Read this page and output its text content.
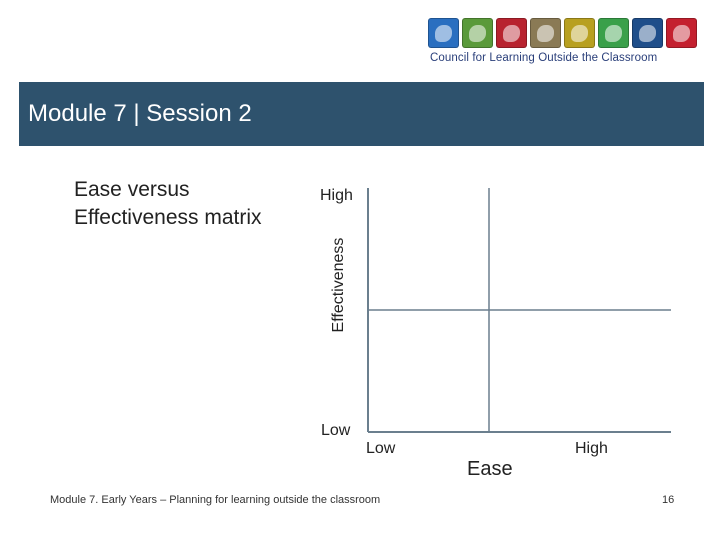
Council for Learning Outside the Classroom
Module 7 | Session 2
Ease versus Effectiveness matrix
High
Effectiveness
Low
Low
Ease
High
Module 7. Early Years – Planning for learning outside the classroom	16
